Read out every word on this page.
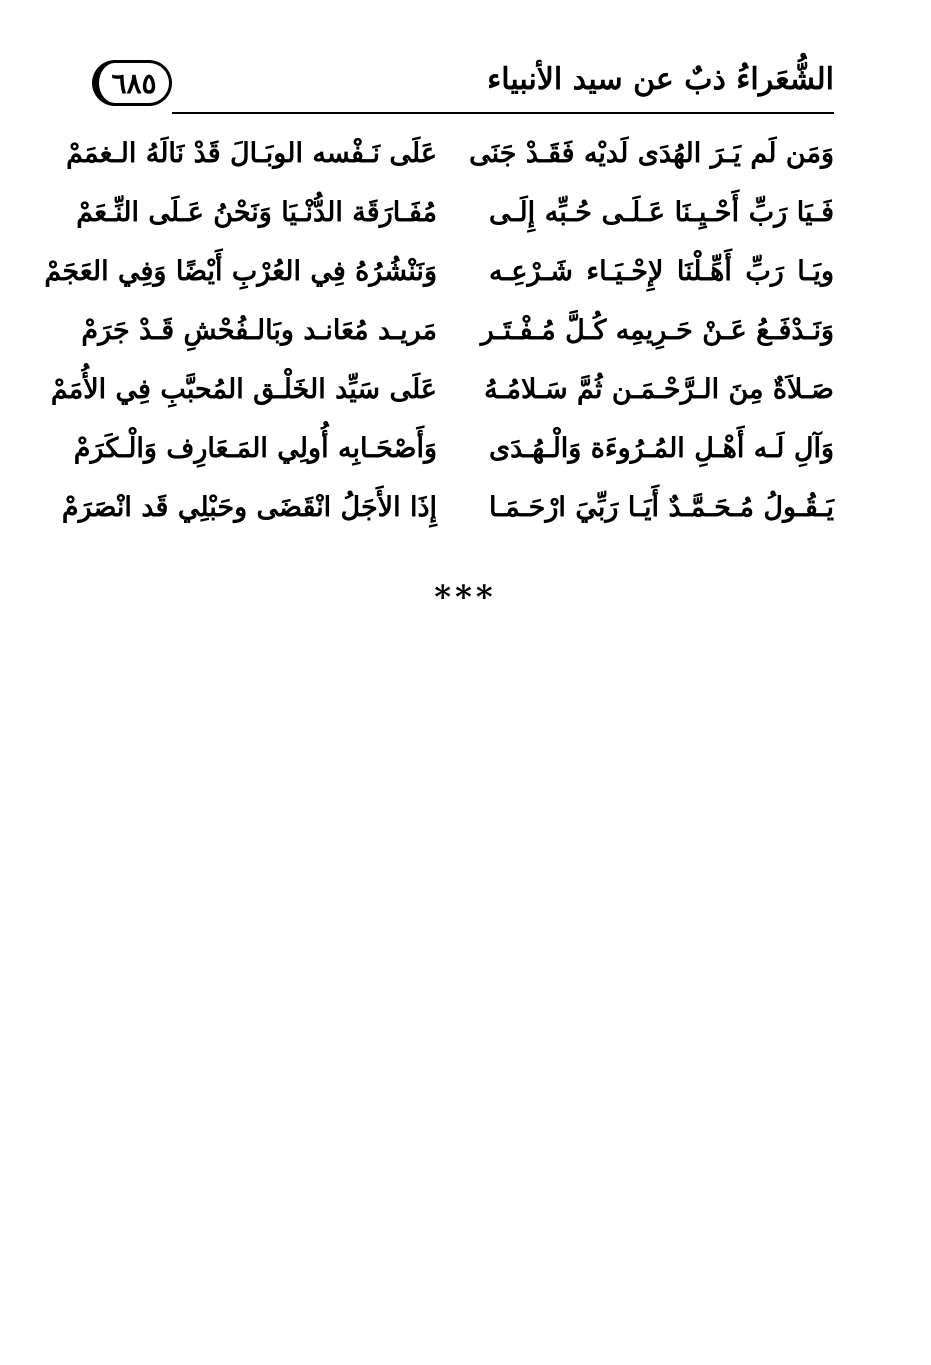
الشُّعَراءُ ذبٌ عن سيد الأنبياء
٦٨٥
وَمَن لَم يَـرَ الهُدَى لَديْه فَقَـدْ جَنَى
عَلَى نَـفْسه الوبَـالَ قَدْ نَالَهُ الـغمَمْ
فَـيَا رَبِّ أَحْـيِـنَا عَـلَـى حُـبِّه إِلَـى
مُفَـارَقَة الدُّنْـيَا وَنَحْنُ عَـلَى النِّـعَمْ
ويَـا رَبِّ أَهِّـلْنَا لإِحْـيَـاء شَـرْعِـه
وَنَنْشُرُهُ فِي العُرْبِ أَيْضًا وَفِي العَجَمْ
وَنَـدْفَـعُ عَـنْ حَـرِيمِه كُـلَّ مُـفْـتَـر
مَريـد مُعَانـد وبَالـفُحْشِ قَـدْ جَرَمْ
صَـلاَةٌ مِنَ الـرَّحْـمَـن ثُمَّ سَـلامُـهُ
عَلَى سَيِّد الخَلْـق المُحبَّبِ فِي الأُمَمْ
وَآلِ لَـه أَهْـلِ المُـرُوءَة وَالْـهُـدَى
وَأَصْحَـابِه أُولِي المَـعَارِف وَالْـكَرَمْ
يَـقُـولُ مُـحَـمَّـدٌ أَيَـا رَبِّيَ ارْحَـمَـا
إِذَا الأَجَلُ انْقَضَى وحَبْلِي قَد انْصَرَمْ
***
